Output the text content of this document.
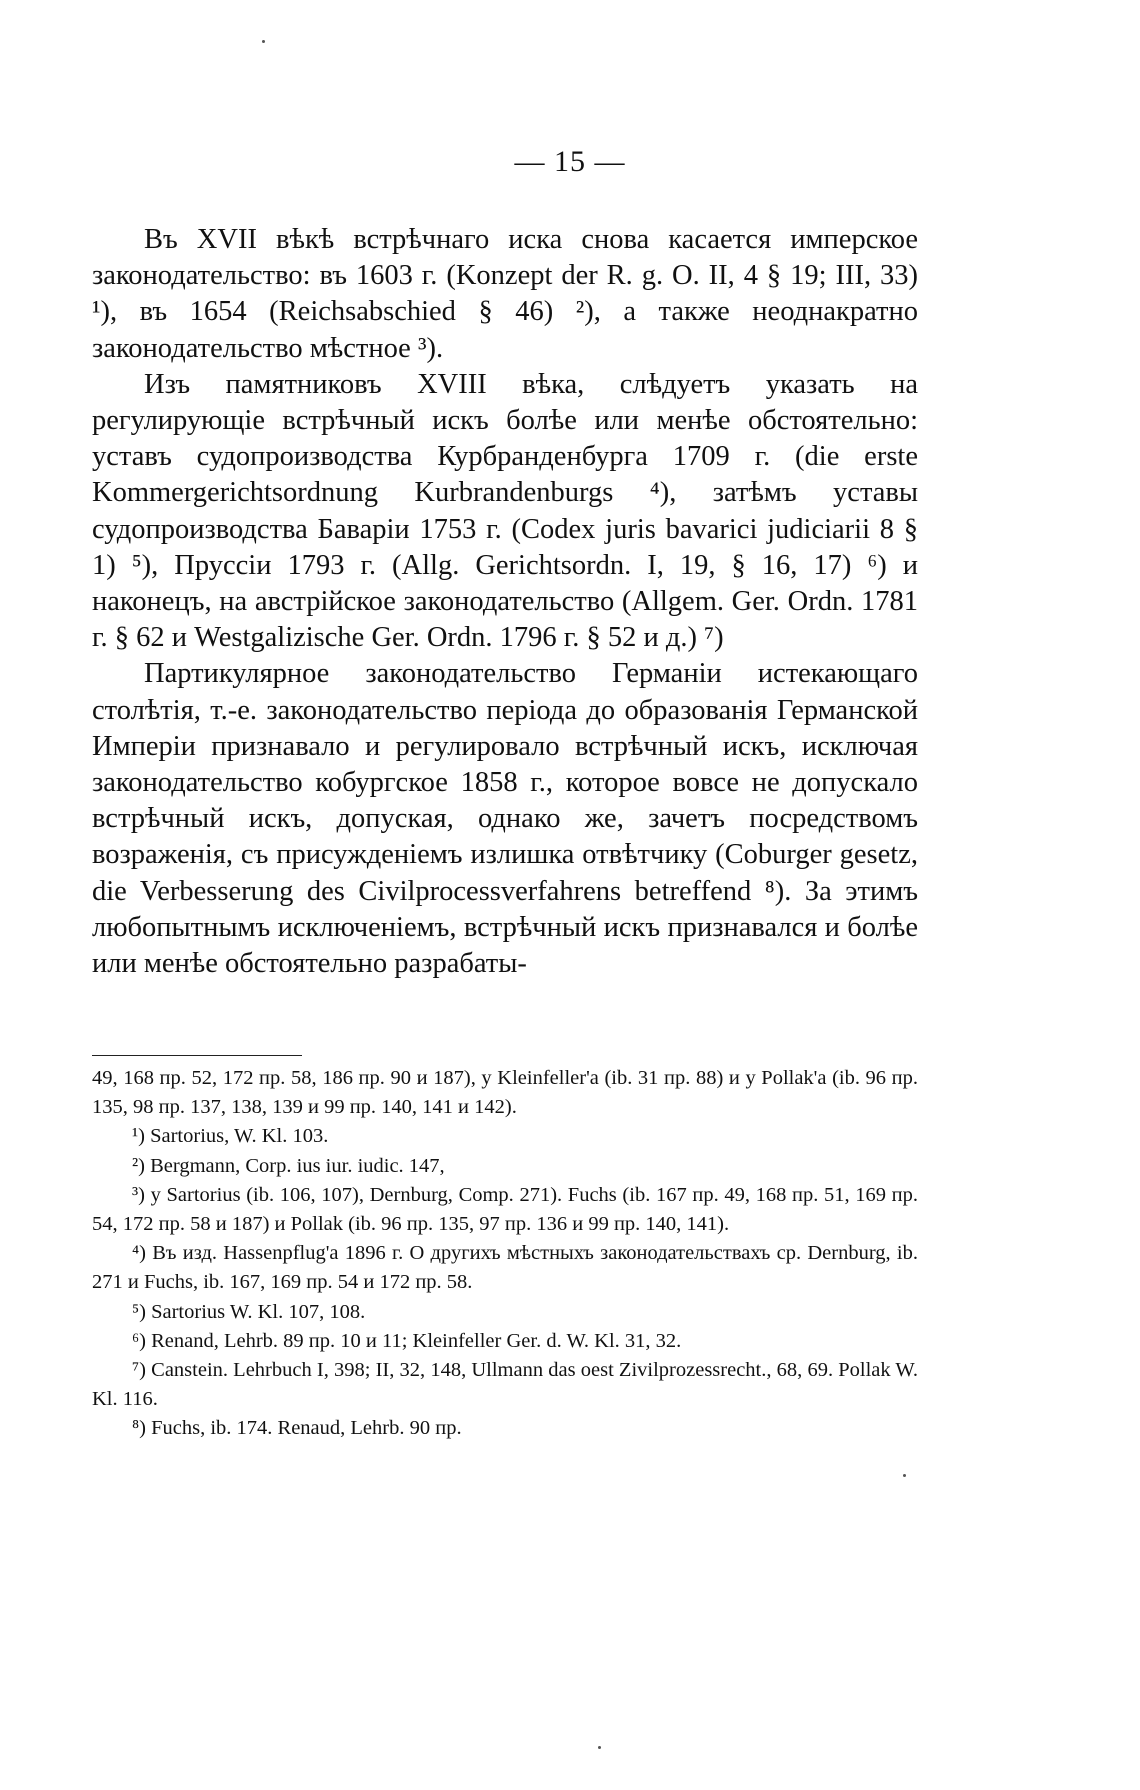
— 15 —

Въ XVII вѣкѣ встрѣчнаго иска снова касается имперское законодательство: въ 1603 г. (Konzept der R. g. O. II, 4 § 19; III, 33) ¹), въ 1654 (Reichsabschied § 46) ²), а также неоднакратно законодательство мѣстное ³).

Изъ памятниковъ XVIII вѣка, слѣдуетъ указать на регулирующіе встрѣчный искъ болѣе или менѣе обстоятельно: уставъ судопроизводства Курбранденбурга 1709 г. (die erste Kommergerichtsordnung Kurbrandenburgs ⁴), затѣмъ уставы судопроизводства Баваріи 1753 г. (Codex juris bavarici judiciarii 8 § 1) ⁵), Пруссіи 1793 г. (Allg. Gerichtsordn. I, 19, § 16, 17) ⁶) и наконецъ, на австрійское законодательство (Allgem. Ger. Ordn. 1781 г. § 62 и Westgalizische Ger. Ordn. 1796 г. § 52 и д.) ⁷)

Партикулярное законодательство Германіи истекающаго столѣтія, т.-е. законодательство періода до образованія Германской Имперіи признавало и регулировало встрѣчный искъ, исключая законодательство кобургское 1858 г., которое вовсе не допускало встрѣчный искъ, допуская, однако же, зачетъ посредствомъ возраженія, съ присужденіемъ излишка отвѣтчику (Coburger gesetz, die Verbesserung des Civilprocessverfahrens betreffend ⁸). За этимъ любопытнымъ исключеніемъ, встрѣчный искъ признавался и болѣе или менѣе обстоятельно разрабаты-

49, 168 пр. 52, 172 пр. 58, 186 пр. 90 и 187), у Kleinfeller'а (ib. 31 пр. 88) и у Pollak'a (ib. 96 пр. 135, 98 пр. 137, 138, 139 и 99 пр. 140, 141 и 142).

¹) Sartorius, W. Kl. 103.

²) Bergmann, Corp. ius iur. iudic. 147,

³) у Sartorius (ib. 106, 107), Dernburg, Comp. 271). Fuchs (ib. 167 пр. 49, 168 пр. 51, 169 пр. 54, 172 пр. 58 и 187) и Pollak (ib. 96 пр. 135, 97 пр. 136 и 99 пр. 140, 141).

⁴) Въ изд. Hassenpflug'а 1896 г. О другихъ мѣстныхъ законодательствахъ ср. Dernburg, ib. 271 и Fuchs, ib. 167, 169 пр. 54 и 172 пр. 58.

⁵) Sartorius W. Kl. 107, 108.

⁶) Renand, Lehrb. 89 пр. 10 и 11; Kleinfeller Ger. d. W. Kl. 31, 32.

⁷) Canstein. Lehrbuch I, 398; II, 32, 148, Ullmann das oest Zivilprozessrecht., 68, 69. Pollak W. Kl. 116.

⁸) Fuchs, ib. 174. Renaud, Lehrb. 90 пр.
